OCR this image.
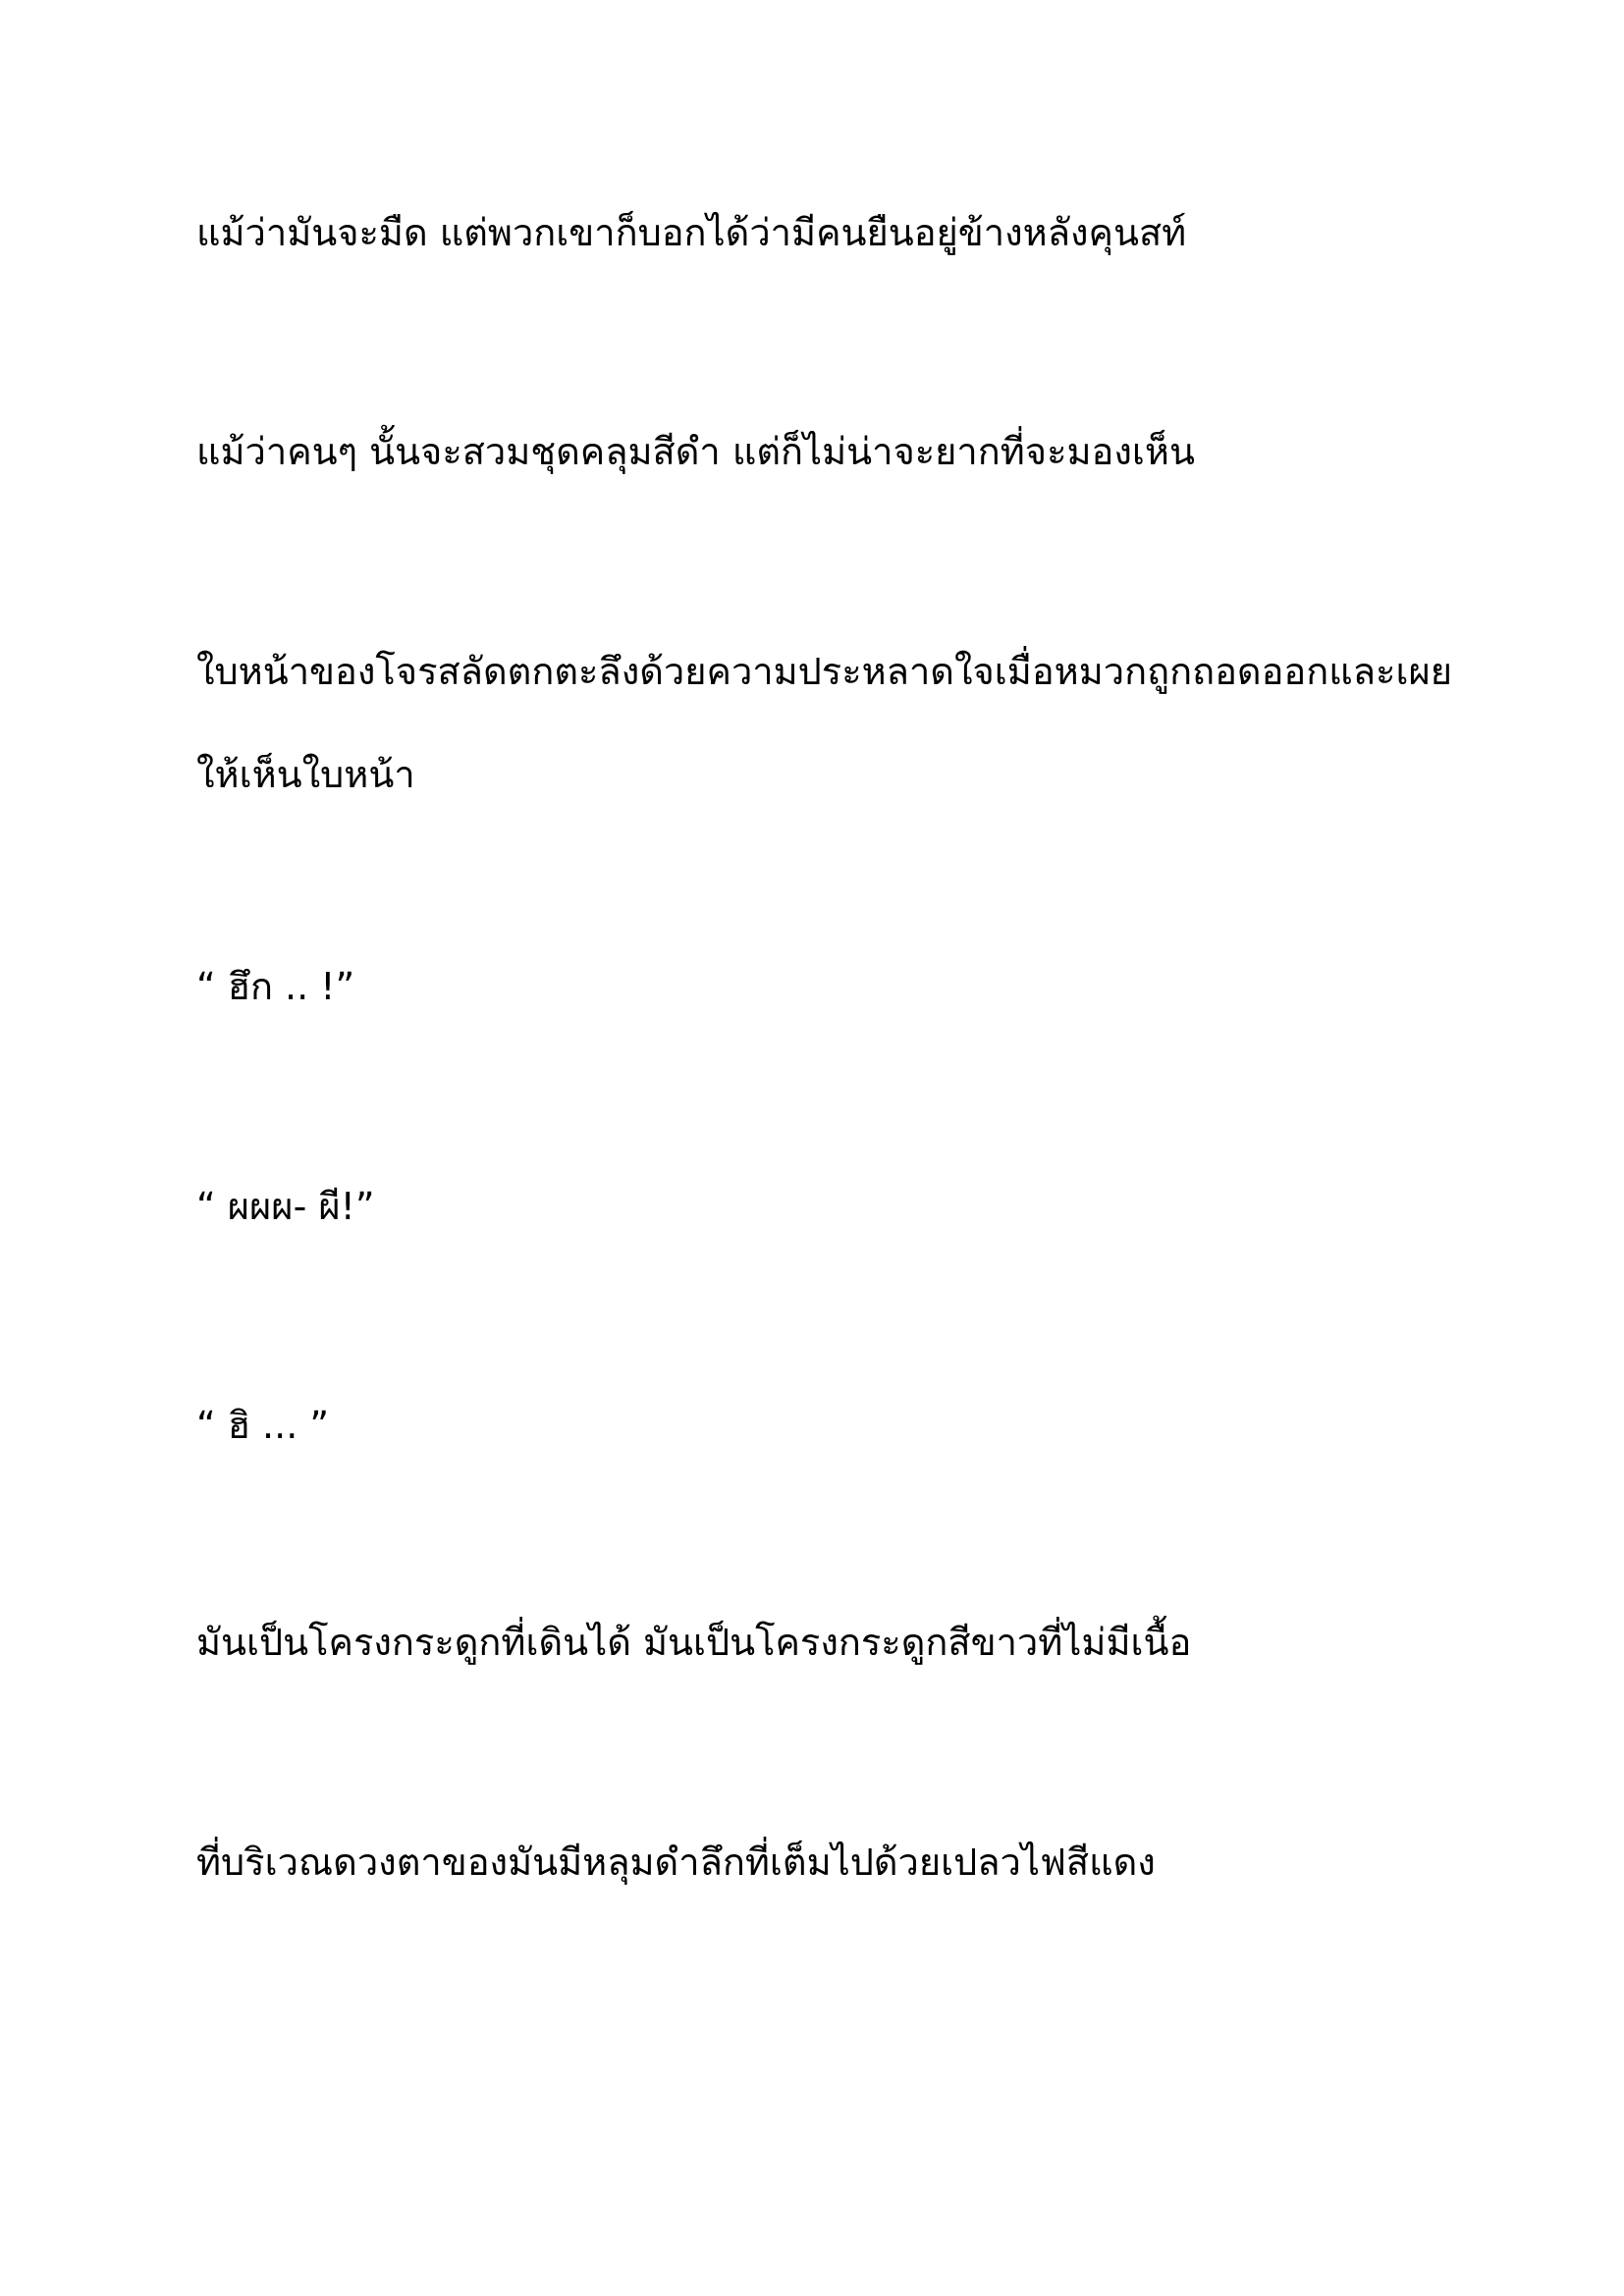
แม้ว่ามันจะมืด แต่พวกเขาก็บอกได้ว่ามีคนยืนอยู่ข้างหลังคุนสท์

แม้ว่าคนๆ นั้นจะสวมชุดคลุมสีดำ แต่ก็ไม่น่าจะยากที่จะมองเห็น

ใบหน้าของโจรสลัดตกตะลึงด้วยความประหลาดใจเมื่อหมวกถูกถอดออกและเผยให้เห็นใบหน้า

“ ฮึก .. !”

“ ผผผ- ผี!”

“ ฮิ ... ”

มันเป็นโครงกระดูกที่เดินได้ มันเป็นโครงกระดูกสีขาวที่ไม่มีเนื้อ

ที่บริเวณดวงตาของมันมีหลุมดำลึกที่เต็มไปด้วยเปลวไฟสีแดง
